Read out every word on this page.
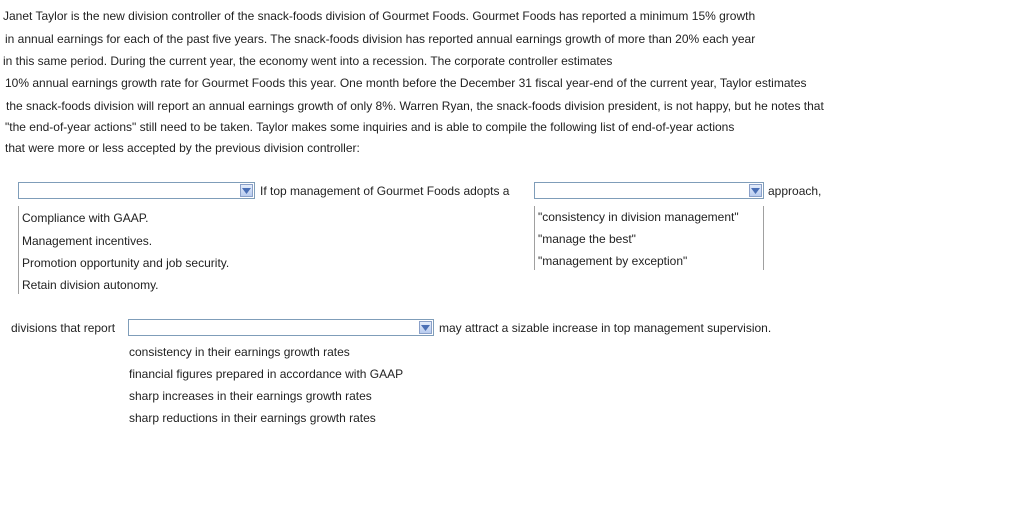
Janet Taylor is the new division controller of the snack-foods division of Gourmet Foods. Gourmet Foods has reported a minimum 15% growth
in annual earnings for each of the past five years. The snack-foods division has reported annual earnings growth of more than 20% each year
in this same period. During the current year, the economy went into a recession. The corporate controller estimates
10% annual earnings growth rate for Gourmet Foods this year. One month before the December 31 fiscal year-end of the current year, Taylor estimates
the snack-foods division will report an annual earnings growth of only 8%. Warren Ryan, the snack-foods division president, is not happy, but he notes that
"the end-of-year actions" still need to be taken. Taylor makes some inquiries and is able to compile the following list of end-of-year actions
that were more or less accepted by the previous division controller:
If top management of Gourmet Foods adopts a	approach,
Compliance with GAAP.
Management incentives.
Promotion opportunity and job security.
Retain division autonomy.
"consistency in division management"
"manage the best"
"management by exception"
divisions that report	may attract a sizable increase in top management supervision.
consistency in their earnings growth rates
financial figures prepared in accordance with GAAP
sharp increases in their earnings growth rates
sharp reductions in their earnings growth rates
